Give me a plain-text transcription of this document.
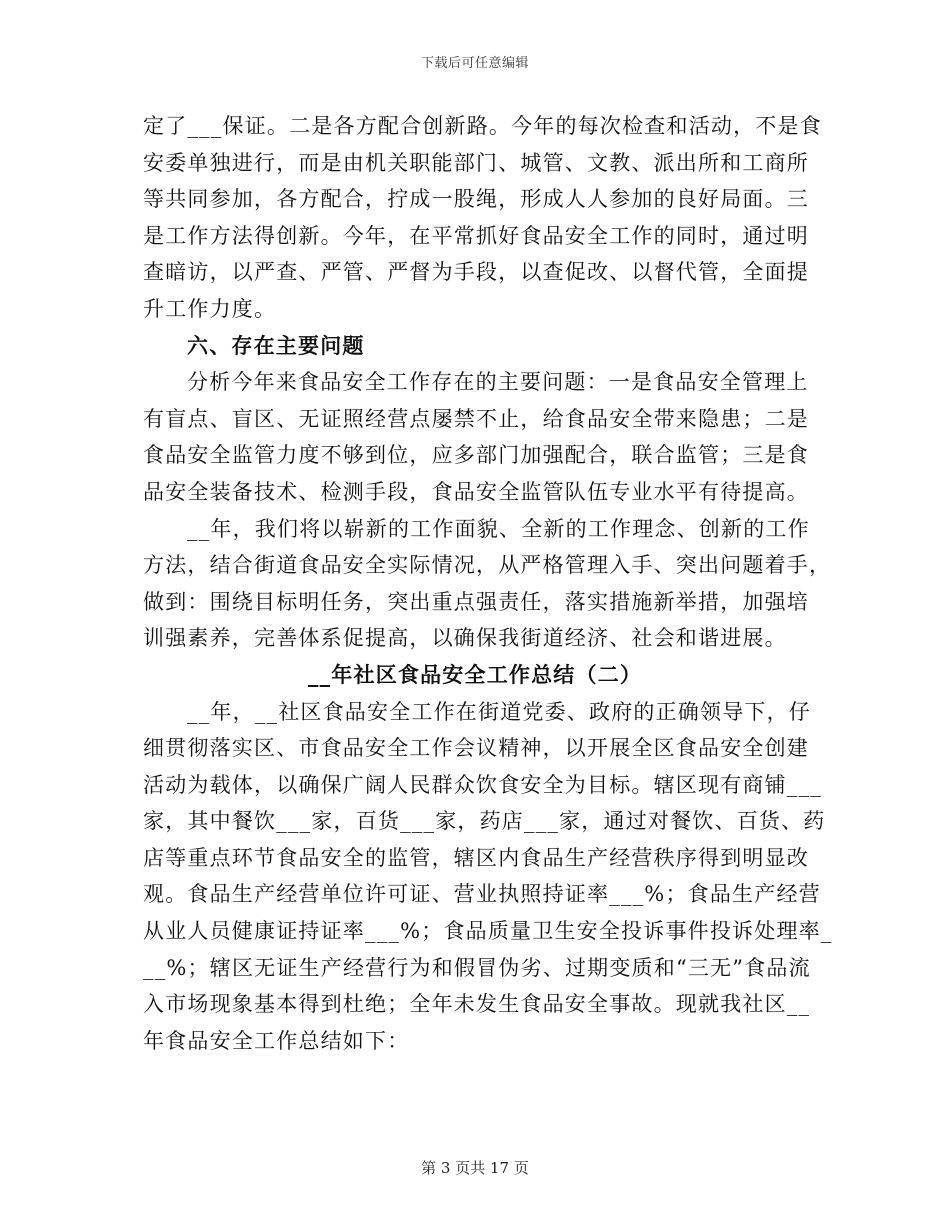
下载后可任意编辑
定了___保证。二是各方配合创新路。今年的每次检查和活动，不是食
安委单独进行，而是由机关职能部门、城管、文教、派出所和工商所
等共同参加，各方配合，拧成一股绳，形成人人参加的良好局面。三
是工作方法得创新。今年，在平常抓好食品安全工作的同时，通过明
查暗访，以严查、严管、严督为手段，以查促改、以督代管，全面提
升工作力度。
六、存在主要问题
分析今年来食品安全工作存在的主要问题：一是食品安全管理上
有盲点、盲区、无证照经营点屡禁不止，给食品安全带来隐患；二是
食品安全监管力度不够到位，应多部门加强配合，联合监管；三是食
品安全装备技术、检测手段，食品安全监管队伍专业水平有待提高。
__年，我们将以崭新的工作面貌、全新的工作理念、创新的工作
方法，结合街道食品安全实际情况，从严格管理入手、突出问题着手，
做到：围绕目标明任务，突出重点强责任，落实措施新举措，加强培
训强素养，完善体系促提高，以确保我街道经济、社会和谐进展。
__年社区食品安全工作总结（二）
__年，__社区食品安全工作在街道党委、政府的正确领导下，仔
细贯彻落实区、市食品安全工作会议精神，以开展全区食品安全创建
活动为载体，以确保广阔人民群众饮食安全为目标。辖区现有商铺___
家，其中餐饮___家，百货___家，药店___家，通过对餐饮、百货、药
店等重点环节食品安全的监管，辖区内食品生产经营秩序得到明显改
观。食品生产经营单位许可证、营业执照持证率___%；食品生产经营
从业人员健康证持证率___%；食品质量卫生安全投诉事件投诉处理率_
__%；辖区无证生产经营行为和假冒伪劣、过期变质和“三无”食品流
入市场现象基本得到杜绝；全年未发生食品安全事故。现就我社区__
年食品安全工作总结如下：
第 3 页共 17 页
